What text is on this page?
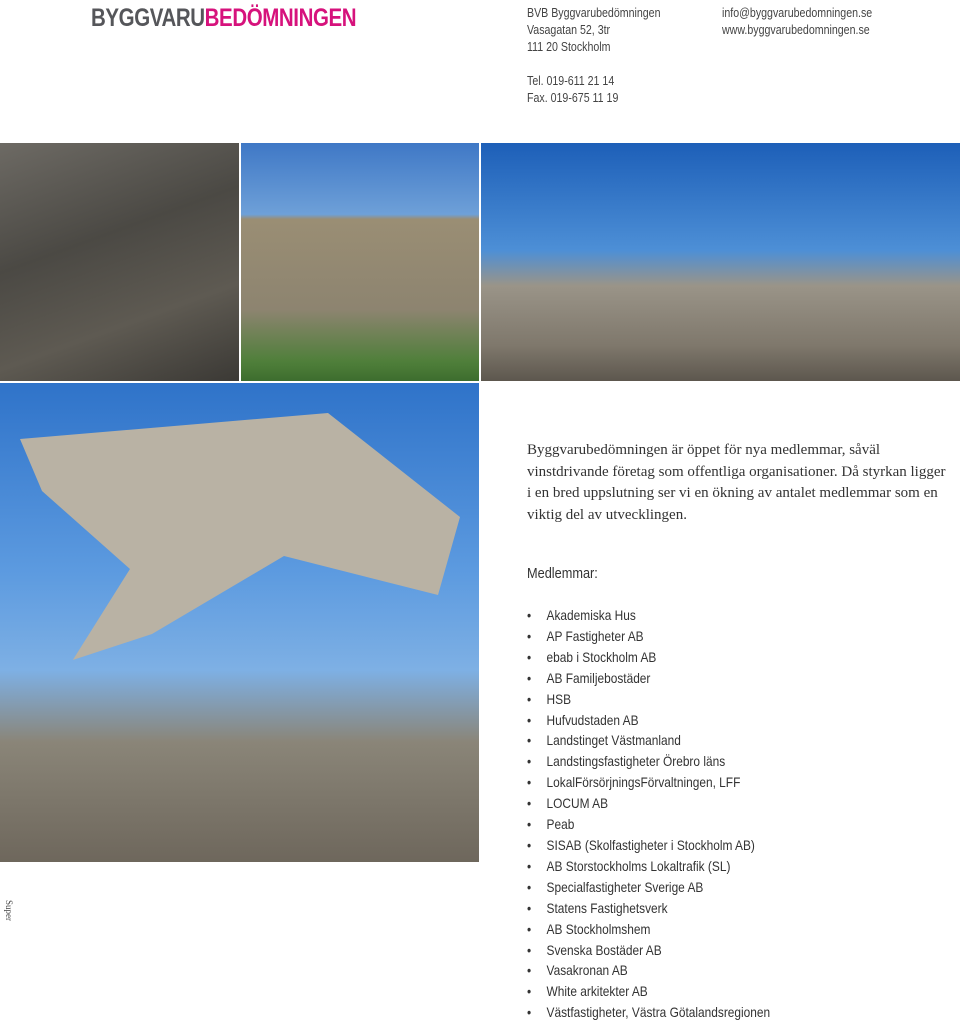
BYGGVARUBEDÖMNINGEN	BVB Byggvarubedömningen
Vasagatan 52, 3tr
111 20 Stockholm
Tel. 019-611 21 14
Fax. 019-675 11 19
info@byggvarubedomningen.se
www.byggvarubedomningen.se
Byggvarubedömningen är öppet för nya medlemmar, såväl vinstdrivande företag som offentliga organisationer. Då styrkan ligger i en bred uppslutning ser vi en ökning av antalet medlemmar som en viktig del av utvecklingen.
Medlemmar:
• Akademiska Hus
• AP Fastigheter AB
• ebab i Stockholm AB
• AB Familjebostäder
• HSB
• Hufvudstaden AB
• Landstinget Västmanland
• Landstingsfastigheter Örebro läns
• LokalFörsörjningsFörvaltningen, LFF
• LOCUM AB
• Peab
• SISAB (Skolfastigheter i Stockholm AB)
• AB Storstockholms Lokaltrafik (SL)
• Specialfastigheter Sverige AB
• Statens Fastighetsverk
• AB Stockholmshem
• Svenska Bostäder AB
• Vasakronan AB
• White arkitekter AB
• Västfastigheter, Västra Götalandsregionen
Super
